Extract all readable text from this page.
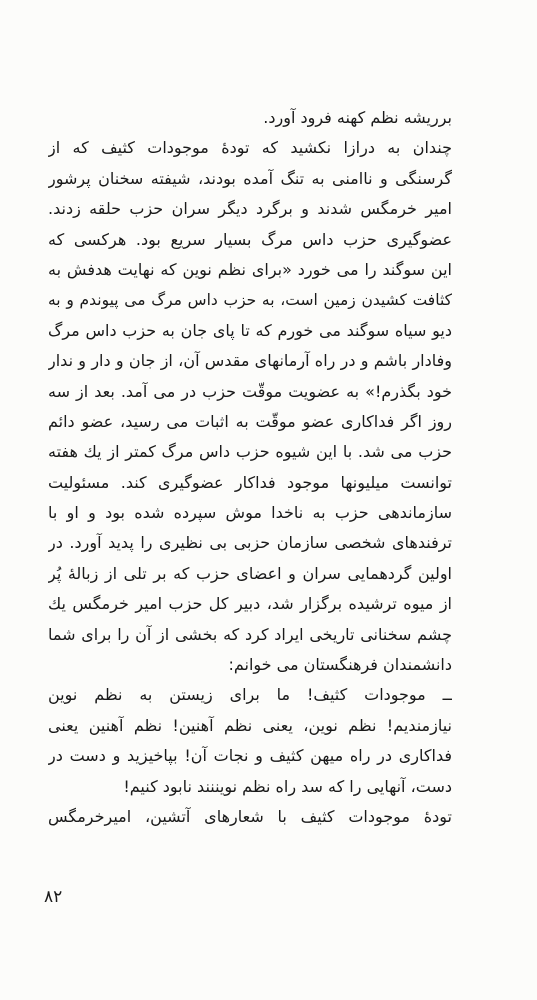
برریشه نظم کهنه فرود آورد.
چندان به درازا نکشید که تودهٔ موجودات کثیف که از
گرسنگی و ناامنی به تنگ آمده بودند، شیفته سخنان پرشور
امیر خرمگس شدند و برگرد دیگر سران حزب حلقه زدند.
عضوگیری حزب داس مرگ بسیار سریع بود. هرکسی که
این سوگند را می خورد «برای نظم نوین که نهایت هدفش به
کثافت کشیدن زمین است، به حزب داس مرگ می پیوندم و به
دیو سیاه سوگند می خورم که تا پای جان به حزب داس مرگ
وفادار باشم و در راه آرمانهای مقدس آن، از جان و دار و ندار
خود بگذرم!» به عضویت موقّت حزب در می آمد. بعد از سه
روز اگر فداکاری عضو موقّت به اثبات می رسید، عضو دائم
حزب می شد. با این شیوه حزب داس مرگ کمتر از یك هفته
توانست میلیونها موجود فداکار عضوگیری کند. مسئولیت
سازماندهی حزب به ناخدا موش سپرده شده بود و او با
ترفندهای شخصی سازمان حزبی بی نظیری را پدید آورد. در
اولین گردهمایی سران و اعضای حزب که بر تلی از زبالهٔ پُر
از میوه ترشیده برگزار شد، دبیر کل حزب امیر خرمگس یك
چشم سخنانی تاریخی ایراد کرد که بخشی از آن را برای شما
دانشمندان فرهنگستان می خوانم:
ــ موجودات کثیف! ما برای زیستن به نظم نوین
نیازمندیم! نظم نوین، یعنی نظم آهنین! نظم آهنین یعنی
فداکاری در راه میهن کثیف و نجات آن! بپاخیزید و دست در
دست، آنهایی را که سد راه نظم نویننند نابود کنیم!
تودهٔ موجودات کثیف با شعارهای آتشین، امیرخرمگس
۸۲
